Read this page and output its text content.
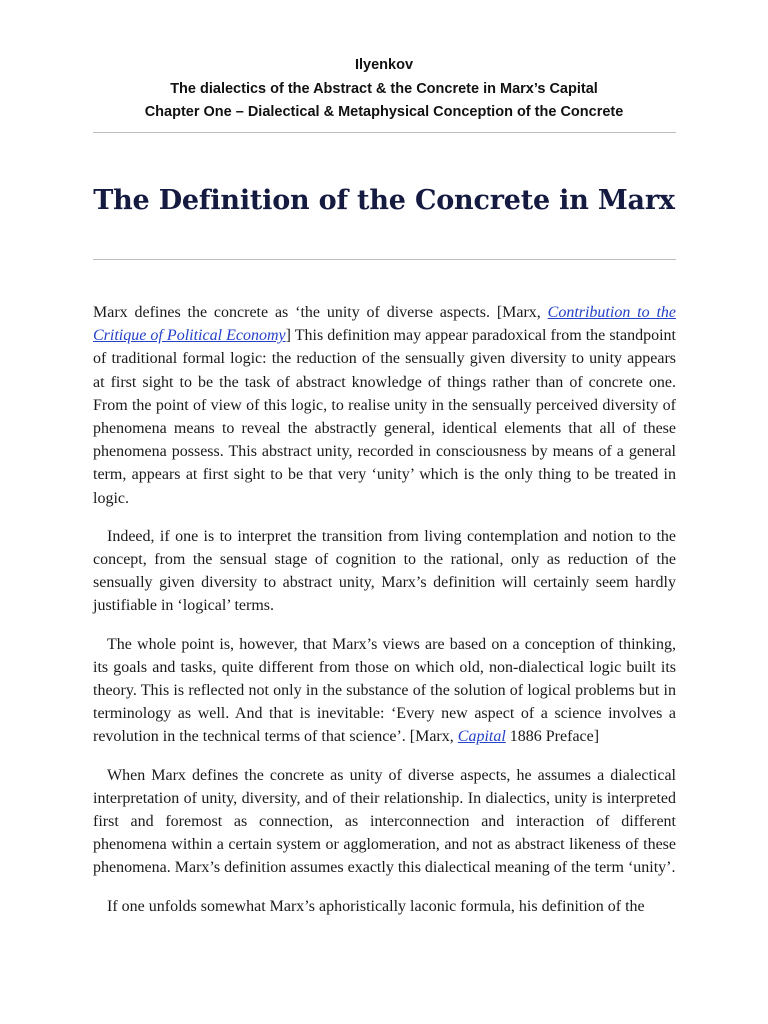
Ilyenkov
The dialectics of the Abstract & the Concrete in Marx’s Capital
Chapter One – Dialectical & Metaphysical Conception of the Concrete
The Definition of the Concrete in Marx

Marx defines the concrete as ‘the unity of diverse aspects. [Marx, Contribution to the Critique of Political Economy] This definition may appear paradoxical from the standpoint of traditional formal logic: the reduction of the sensually given diversity to unity appears at first sight to be the task of abstract knowledge of things rather than of concrete one. From the point of view of this logic, to realise unity in the sensually perceived diversity of phenomena means to reveal the abstractly general, identical elements that all of these phenomena possess. This abstract unity, recorded in consciousness by means of a general term, appears at first sight to be that very ‘unity’ which is the only thing to be treated in logic.

Indeed, if one is to interpret the transition from living contemplation and notion to the concept, from the sensual stage of cognition to the rational, only as reduction of the sensually given diversity to abstract unity, Marx’s definition will certainly seem hardly justifiable in ‘logical’ terms.

The whole point is, however, that Marx’s views are based on a conception of thinking, its goals and tasks, quite different from those on which old, non-dialectical logic built its theory. This is reflected not only in the substance of the solution of logical problems but in terminology as well. And that is inevitable: ‘Every new aspect of a science involves a revolution in the technical terms of that science’. [Marx, Capital 1886 Preface]

When Marx defines the concrete as unity of diverse aspects, he assumes a dialectical interpretation of unity, diversity, and of their relationship. In dialectics, unity is interpreted first and foremost as connection, as interconnection and interaction of different phenomena within a certain system or agglomeration, and not as abstract likeness of these phenomena. Marx’s definition assumes exactly this dialectical meaning of the term ‘unity’.

If one unfolds somewhat Marx’s aphoristically laconic formula, his definition of the
